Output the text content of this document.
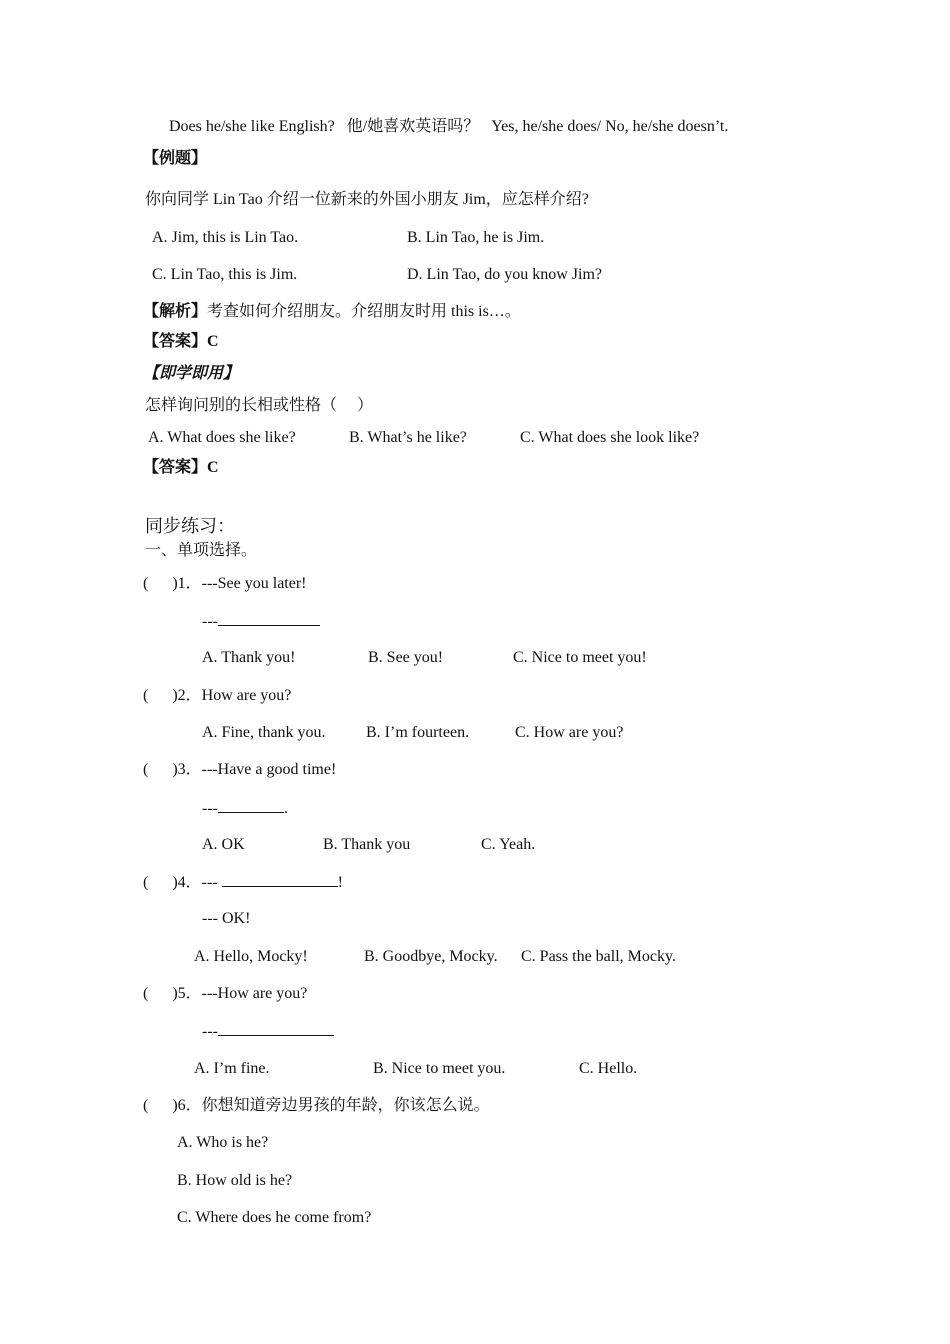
Does he/she like English?   他/她喜欢英语吗？   Yes, he/she does/ No, he/she doesn’t.
【例题】
你向同学 Lin Tao 介绍一位新来的外国小朋友 Jim，应怎样介绍?
A. Jim, this is Lin Tao.	B. Lin Tao, he is Jim.
C. Lin Tao, this is Jim.	D. Lin Tao, do you know Jim?
【解析】考查如何介绍朋友。介绍朋友时用 this is…。
【答案】C
【即学即用】
怎样询问别的长相或性格（     ）
A. What does she like?	B. What’s he like?	C. What does she look like?
【答案】C
同步练习：
一、单项选择。
(      )1．---See you later!
---
A. Thank you!	B. See you!	C. Nice to meet you!
(      )2．How are you?
A. Fine, thank you.	B. I’m fourteen.	C. How are you?
(      )3．---Have a good time!
---	.
A. OK	B. Thank you	C. Yeah.
(      )4．---	!
--- OK!
A. Hello, Mocky!	B. Goodbye, Mocky. C. Pass the ball, Mocky.
(      )5．---How are you?
---
A. I’m fine.	B. Nice to meet you.	C. Hello.
(      )6．你想知道旁边男孩的年龄，你该怎么说。
A. Who is he?
B. How old is he?
C. Where does he come from?
